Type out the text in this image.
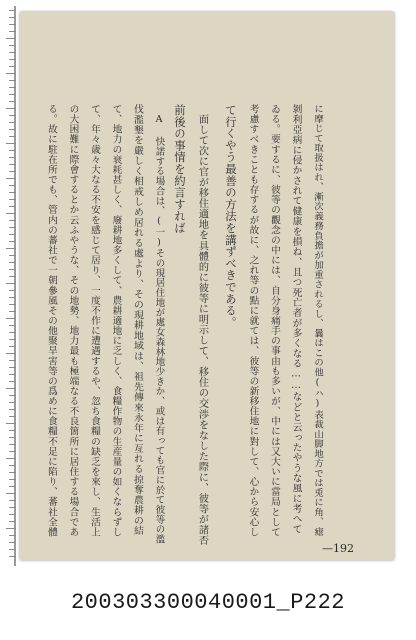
に摩じて取扱はれ、漸次義務負擔が加重されるし、曩はこの他(ハ)表裁山脚地方では兎に角、瘧
剝利亞病に侵かされて健康を損ね、且つ死亡者が多くなる……などと云ったやうな風に考へて
ゐる。要するに、彼等の觀念の中には、自分身痛手の事由も多いが、中には又大いに當局として
考慮すべきことも存するが故に、之れ等の點に就ては、彼等の新移住地に對して、心から安心し
て行くやう最善の方法を講ずべきである。
面して次に官が移住適地を具體的に彼等に明示して、移住の交渉をなした際に、彼等が諸否
前後の事情を約言すれば
A 快諾する場合は、(一)その現居住地が處女森林地少きか、或は有っても官に於て彼等の濫
伐濫墾を嚴しく相戒しめ居れる處より、その現耕地域は、祖先傳來永年に亙れる掠奪農耕の結
て、地力の衰耗甚しく、廢耕地多くして、農耕適地に乏しく、食糧作物の生産量の如くならずし
て、年々歳々大なる不安を感じて居り、一度不作に遭遇するや、忽ち食糧の缺乏を來し、生活上
の大困難に際會するとか云ふやうな、その地勢、地力最も極端なる不良箇所に居住する場合であ
る。故に駐在所でも、管内の蕃社で一朝參風その他聚旱害等の爲めに食糧不足に陷り、蕃社全體
—192
200303300040001_P222
